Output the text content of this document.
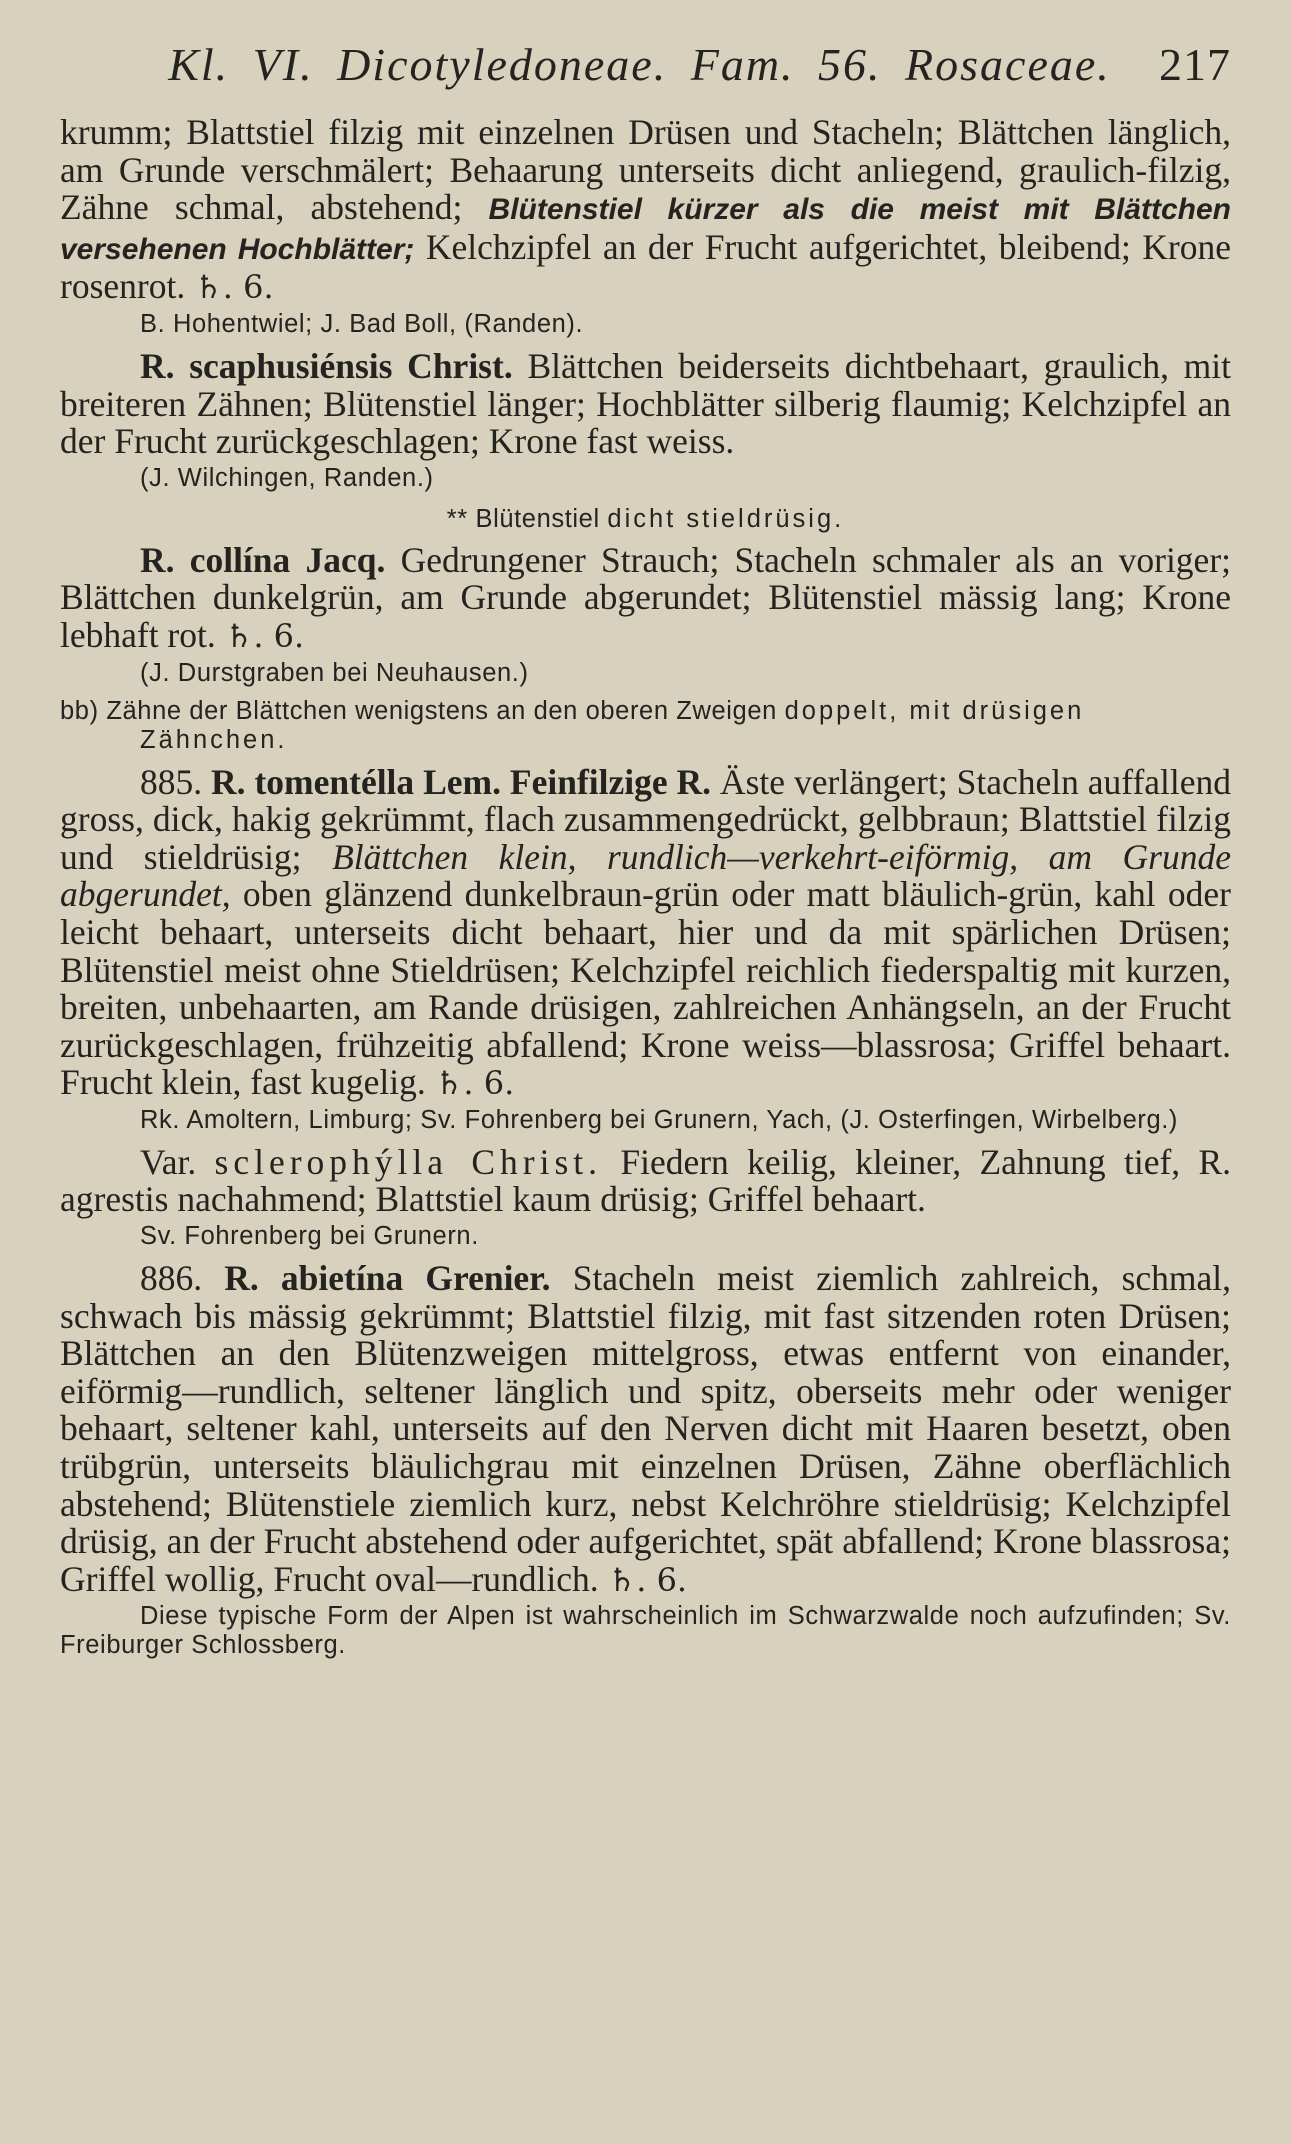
Kl. VI. Dicotyledoneae. Fam. 56. Rosaceae.	217

krumm; Blattstiel filzig mit einzelnen Drüsen und Stacheln; Blättchen länglich, am Grunde verschmälert; Behaarung unterseits dicht anliegend, graulich-filzig, Zähne schmal, abstehend; Blütenstiel kürzer als die meist mit Blättchen versehenen Hochblätter; Kelchzipfel an der Frucht aufgerichtet, bleibend; Krone rosenrot. ♄. 6.

B. Hohentwiel; J. Bad Boll, (Randen).

R. scaphusiénsis Christ. Blättchen beiderseits dichtbehaart, graulich, mit breiteren Zähnen; Blütenstiel länger; Hochblätter silberig flaumig; Kelchzipfel an der Frucht zurückgeschlagen; Krone fast weiss.

(J. Wilchingen, Randen.)

** Blütenstiel dicht stieldrüsig.

R. collína Jacq. Gedrungener Strauch; Stacheln schmaler als an voriger; Blättchen dunkelgrün, am Grunde abgerundet; Blütenstiel mässig lang; Krone lebhaft rot. ♄. 6.

(J. Durstgraben bei Neuhausen.)

bb) Zähne der Blättchen wenigstens an den oberen Zweigen doppelt, mit drüsigen Zähnchen.

885. R. tomentélla Lem. Feinfilzige R. Äste verlängert; Stacheln auffallend gross, dick, hakig gekrümmt, flach zusammengedrückt, gelbbraun; Blattstiel filzig und stieldrüsig; Blättchen klein, rundlich—verkehrt-eiförmig, am Grunde abgerundet, oben glänzend dunkelbraun-grün oder matt bläulich-grün, kahl oder leicht behaart, unterseits dicht behaart, hier und da mit spärlichen Drüsen; Blütenstiel meist ohne Stieldrüsen; Kelchzipfel reichlich fiederspaltig mit kurzen, breiten, unbehaarten, am Rande drüsigen, zahlreichen Anhängseln, an der Frucht zurückgeschlagen, frühzeitig abfallend; Krone weiss—blassrosa; Griffel behaart. Frucht klein, fast kugelig. ♄. 6.

Rk. Amoltern, Limburg; Sv. Fohrenberg bei Grunern, Yach, (J. Osterfingen, Wirbelberg.)

Var. sclerophýlla Christ. Fiedern keilig, kleiner, Zahnung tief, R. agrestis nachahmend; Blattstiel kaum drüsig; Griffel behaart.

Sv. Fohrenberg bei Grunern.

886. R. abietína Grenier. Stacheln meist ziemlich zahlreich, schmal, schwach bis mässig gekrümmt; Blattstiel filzig, mit fast sitzenden roten Drüsen; Blättchen an den Blütenzweigen mittelgross, etwas entfernt von einander, eiförmig—rundlich, seltener länglich und spitz, oberseits mehr oder weniger behaart, seltener kahl, unterseits auf den Nerven dicht mit Haaren besetzt, oben trübgrün, unterseits bläulichgrau mit einzelnen Drüsen, Zähne oberflächlich abstehend; Blütenstiele ziemlich kurz, nebst Kelchröhre stieldrüsig; Kelchzipfel drüsig, an der Frucht abstehend oder aufgerichtet, spät abfallend; Krone blassrosa; Griffel wollig, Frucht oval—rundlich. ♄. 6.

Diese typische Form der Alpen ist wahrscheinlich im Schwarzwalde noch aufzufinden; Sv. Freiburger Schlossberg.
